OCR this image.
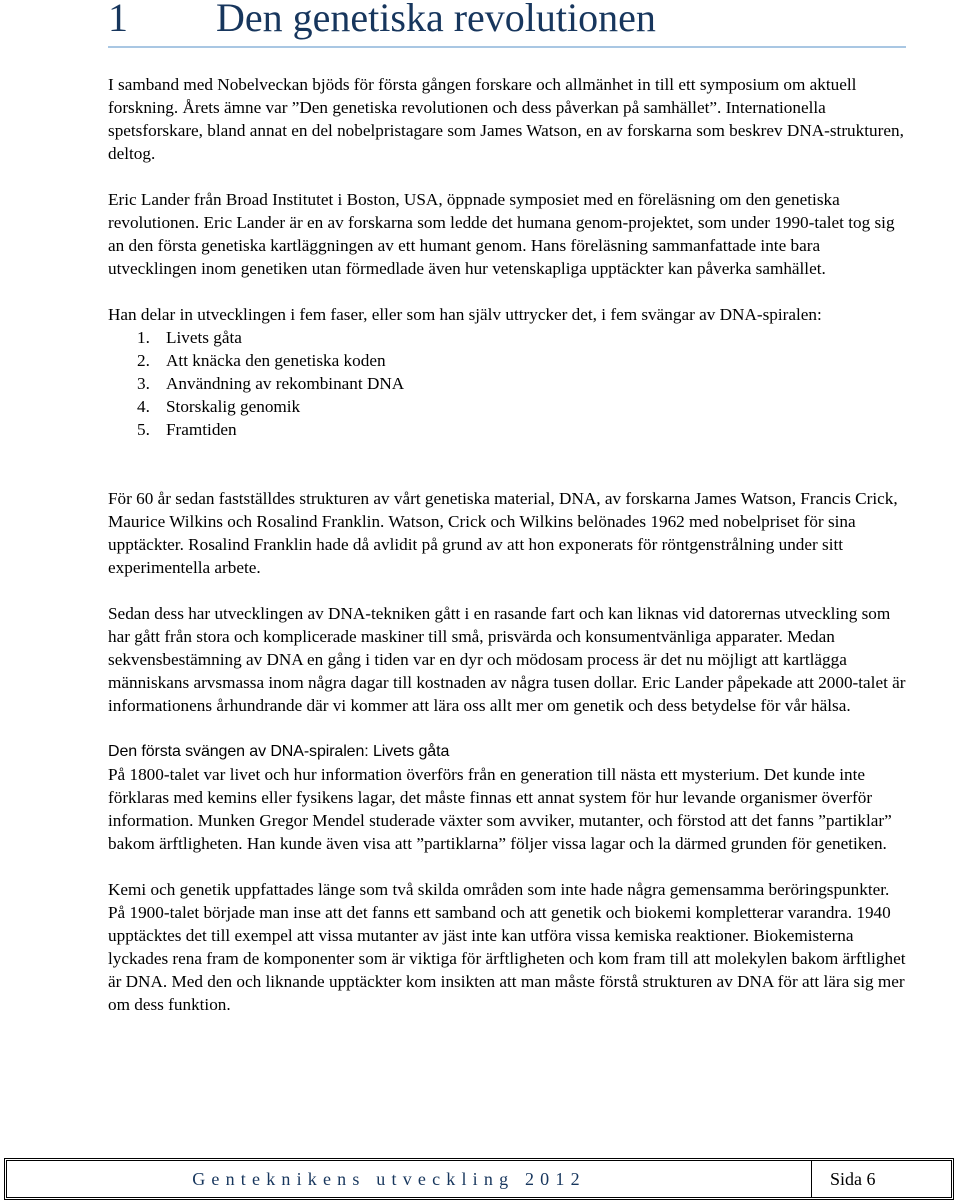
1 Den genetiska revolutionen

I samband med Nobelveckan bjöds för första gången forskare och allmänhet in till ett symposium om aktuell forskning. Årets ämne var ”Den genetiska revolutionen och dess påverkan på samhället”. Internationella spetsforskare, bland annat en del nobelpristagare som James Watson, en av forskarna som beskrev DNA-strukturen, deltog.

Eric Lander från Broad Institutet i Boston, USA, öppnade symposiet med en föreläsning om den genetiska revolutionen. Eric Lander är en av forskarna som ledde det humana genom-projektet, som under 1990-talet tog sig an den första genetiska kartläggningen av ett humant genom. Hans föreläsning sammanfattade inte bara utvecklingen inom genetiken utan förmedlade även hur vetenskapliga upptäckter kan påverka samhället.

Han delar in utvecklingen i fem faser, eller som han själv uttrycker det, i fem svängar av DNA-spiralen:

1. Livets gåta
2. Att knäcka den genetiska koden
3. Användning av rekombinant DNA
4. Storskalig genomik
5. Framtiden

För 60 år sedan fastställdes strukturen av vårt genetiska material, DNA, av forskarna James Watson, Francis Crick, Maurice Wilkins och Rosalind Franklin. Watson, Crick och Wilkins belönades 1962 med nobelpriset för sina upptäckter. Rosalind Franklin hade då avlidit på grund av att hon exponerats för röntgenstrålning under sitt experimentella arbete.

Sedan dess har utvecklingen av DNA-tekniken gått i en rasande fart och kan liknas vid datorernas utveckling som har gått från stora och komplicerade maskiner till små, prisvärda och konsumentvänliga apparater. Medan sekvensbestämning av DNA en gång i tiden var en dyr och mödosam process är det nu möjligt att kartlägga människans arvsmassa inom några dagar till kostnaden av några tusen dollar. Eric Lander påpekade att 2000-talet är informationens århundrande där vi kommer att lära oss allt mer om genetik och dess betydelse för vår hälsa.

Den första svängen av DNA-spiralen: Livets gåta

På 1800-talet var livet och hur information överförs från en generation till nästa ett mysterium. Det kunde inte förklaras med kemins eller fysikens lagar, det måste finnas ett annat system för hur levande organismer överför information. Munken Gregor Mendel studerade växter som avviker, mutanter, och förstod att det fanns ”partiklar” bakom ärftligheten. Han kunde även visa att ”partiklarna” följer vissa lagar och la därmed grunden för genetiken.

Kemi och genetik uppfattades länge som två skilda områden som inte hade några gemensamma beröringspunkter. På 1900-talet började man inse att det fanns ett samband och att genetik och biokemi kompletterar varandra. 1940 upptäcktes det till exempel att vissa mutanter av jäst inte kan utföra vissa kemiska reaktioner. Biokemisterna lyckades rena fram de komponenter som är viktiga för ärftligheten och kom fram till att molekylen bakom ärftlighet är DNA. Med den och liknande upptäckter kom insikten att man måste förstå strukturen av DNA för att lära sig mer om dess funktion.

Genteknikens utveckling 2012	Sida 6
